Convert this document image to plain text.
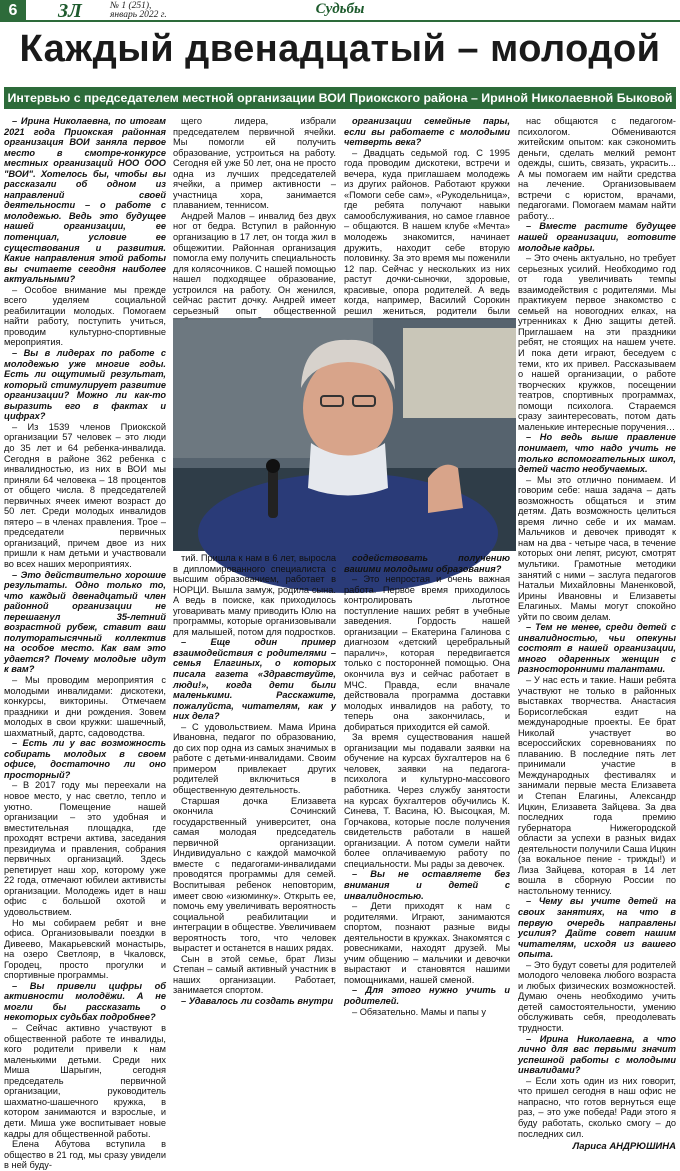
6	ЗЛ	№ 1 (251),
январь 2022 г.	Судьбы
Каждый двенадцатый – молодой
Интервью с председателем местной организации ВОИ Приокского района – Ириной Николаевной Быковой

– Ирина Николаевна, по итогам 2021 года Приокская районная организация ВОИ заняла первое место в смотре-конкурсе местных организаций НОО ООО "ВОИ". Хотелось бы, чтобы вы рассказали об одном из направлений своей деятельности – о работе с молодежью. Ведь это будущее нашей организации, ее потенциал, условие ее существования и развития. Какие направления этой работы вы считаете сегодня наиболее актуальными?

– Особое внимание мы прежде всего уделяем социальной реабилитации молодых. Помогаем найти работу, поступить учиться, проводим культурно-спортивные мероприятия.

– Вы в лидерах по работе с молодежью уже многие годы. Есть ли ощутимый результат, который стимулирует развитие организации? Можно ли как-то выразить его в фактах и цифрах?

– Из 1539 членов Приокской организации 57 человек – это люди до 35 лет и 64 ребенка-инвалида. Сегодня в районе 362 ребенка с инвалидностью, из них в ВОИ мы приняли 64 человека – 18 процентов от общего числа. 8 председателей первичных ячеек имеют возраст до 50 лет. Среди молодых инвалидов пятеро – в членах правления. Трое – председатели первичных организаций, причем двое из них пришли к нам детьми и участвовали во всех наших мероприятиях.

– Это действительно хорошие результаты. Одно только то, что каждый двенадцатый член районной организации не перешагнул 35-летний возрастной рубеж, ставит ваш полуторатысячный коллектив на особое место. Как вам это удается? Почему молодые идут к вам?

– Мы проводим мероприятия с молодыми инвалидами: дискотеки, конкурсы, викторины. Отмечаем праздники и дни рождения. Зовем молодых в свои кружки: шашечный, шахматный, дартс, садоводства.

– Есть ли у вас возможность собирать молодых в своем офисе, достаточно ли оно просторный?

– В 2017 году мы переехали на новое место, у нас светло, тепло и уютно. Помещение нашей организации – это удобная и вместительная площадка, где проходят встречи актива, заседания президиума и правления, собрания первичных организаций. Здесь репетирует наш хор, которому уже 22 года, отмечают юбилеи активисты организации. Молодежь идет в наш офис с большой охотой и удовольствием.

Но мы собираем ребят и вне офиса. Организовывали поездки в Дивеево, Макарьевский монастырь, на озеро Светлояр, в Чкаловск, Городец, просто прогулки и спортивные программы.

– Вы привели цифры об активности молодёжи. А не могли бы рассказать о некоторых судьбах подробнее?

– Сейчас активно участвуют в общественной работе те инвалиды, кого родители привели к нам маленькими детьми. Среди них Миша Шарыгин, сегодня председатель первичной организации, руководитель шахматно-шашечного кружка, в котором занимаются и взрослые, и дети. Миша уже воспитывает новые кадры для общественной работы.

Елена Абутова вступила в общество в 21 год, мы сразу увидели в ней буду-

щего лидера, избрали председателем первичной ячейки. Мы помогли ей получить образование, устроиться на работу. Сегодня ей уже 50 лет, она не просто одна из лучших председателей ячейки, а пример активности – участница хора, занимается плаванием, теннисом.

Андрей Малов – инвалид без двух ног от бедра. Вступил в районную организацию в 17 лет, он тогда жил в общежитии. Районная организация помогла ему получить специальность для колясочников. С нашей помощью нашел подходящее образование, устроился на работу. Он женился, сейчас растит дочку. Андрей имеет серьезный опыт общественной

организации семейные пары, если вы работаете с молодыми четверть века?

– Двадцать седьмой год. С 1995 года проводим дискотеки, встречи и вечера, куда приглашаем молодежь из других районов. Работают кружки «Помоги себе сам», «Рукодельница», где ребята получают навыки самообслуживания, но самое главное – общаются. В нашем клубе «Мечта» молодежь знакомится, начинает дружить, находит себе вторую половинку. За это время мы поженили 12 пар. Сейчас у нескольких из них растут дочки-сыночки, здоровые, красивые, опора родителей. А ведь когда, например, Василий Сорокин решил жениться, родители были

тий. Пришла к нам в 6 лет, выросла в дипломированного специалиста с высшим образованием, работает в НОРЦИ. Вышла замуж, родила сына. А ведь в поиске, как приходилось уговаривать маму приводить Юлю на программы, которые организовывали для малышей, потом для подростков.

– Еще один пример взаимодействия с родителями – семья Елагиных, о которых писала газета «Здравствуйте, люди!», когда дети были маленькими. Расскажите, пожалуйста, читателям, как у них дела?

– С удовольствием. Мама Ирина Ивановна, педагог по образованию, до сих пор одна из самых значимых в работе с детьми-инвалидами. Своим примером привлекает других родителей включиться в общественную деятельность.

Старшая дочка Елизавета окончила Сочинский государственный университет, она самая молодая председатель первичной организации. Индивидуально с каждой мамочкой вместе с педагогами-инвалидами проводятся программы для семей. Воспитывая ребенок неповторим, имеет свою «изюминку». Открыть ее, помочь ему увеличивать вероятность социальной реабилитации и интеграции в обществе. Увеличиваем вероятность того, что человек вырастет и останется в наших рядах.

Сын в этой семье, брат Лизы Степан – самый активный участник в наших организации. Работает, занимается спортом.

– Удавалось ли создать внутри

содействовать получению вашими молодыми образования?

– Это непростая и очень важная работа. Первое время приходилось контролировать льготное поступление наших ребят в учебные заведения. Гордость нашей организации – Екатерина Галинова с диагнозом «детский церебральный паралич», которая передвигается только с посторонней помощью. Она окончила вуз и сейчас работает в МЧС. Правда, если вначале действовала программа доставки молодых инвалидов на работу, то теперь она закончилась, и добираться приходится ей самой.

За время существования нашей организации мы подавали заявки на обучение на курсах бухгалтеров на 6 человек, заявки на педагога-психолога и культурно-массового работника. Через службу занятости на курсах бухгалтеров обучились К. Синева, Т. Васина, Ю. Высоцкая, М. Горчакова, которые после получения свидетельств работали в нашей организации. А потом сумели найти более оплачиваемую работу по специальности. Мы рады за девочек.

– Вы не оставляете без внимания и детей с инвалидностью.

– Дети приходят к нам с родителями. Играют, занимаются спортом, познают разные виды деятельности в кружках. Знакомятся с ровесниками, находят друзей. Мы учим общению – мальчики и девочки вырастают и становятся нашими помощниками, нашей сменой.

– Для этого нужно учить и родителей.

– Обязательно. Мамы и папы у

нас общаются с педагогом-психологом. Обмениваются житейским опытом: как сэкономить деньги, сделать мелкий ремонт одежды, сшить, связать, украсить... А мы помогаем им найти средства на лечение. Организовываем встречи с юристом, врачами, педагогами. Помогаем мамам найти работу...

– Вместе растите будущее нашей организации, готовите молодые кадры.

– Это очень актуально, но требует серьезных усилий. Необходимо год от года увеличивать темпы взаимодействия с родителями. Мы практикуем первое знакомство с семьей на новогодних елках, на утренниках к Дню защиты детей. Приглашаем на эти праздники ребят, не стоящих на нашем учете. И пока дети играют, беседуем с теми, кто их привел. Рассказываем о нашей организации, о работе творческих кружков, посещении театров, спортивных программах, помощи психолога. Стараемся сразу заинтересовать, потом дать маленькие интересные поручения…

– Но ведь выше правление понимает, что надо учить не только вспомогательных школ, детей часто необучаемых.

– Мы это отлично понимаем. И говорим себе: наша задача – дать возможность общаться и этим детям. Дать возможность целиться время лично себе и их мамам. Мальчиков и девочек приводят к нам на два - четыре часа, в течение которых они лепят, рисуют, смотрят мультики. Грамотные методики занятий с ними – заслуга педагогов Натальи Михайловны Маненковой, Ирины Ивановны и Елизаветы Елагиных. Мамы могут спокойно уйти по своим делам.

– Тем не менее, среди детей с инвалидностью, чьи опекуны состоят в нашей организации, много одаренных женщин с разносторонними талантами.

– У нас есть и такие. Наши ребята участвуют не только в районных выставках творчества. Анастасия Борисоглебская ездит на международные проекты. Ее брат Николай участвует во всероссийских соревнованиях по плаванию. В последние пять лет принимали участие в Международных фестивалях и занимали первые места Елизавета и Степан Елагины, Александр Ицкин, Елизавета Зайцева. За два последних года премию губернатора Нижегородской области за успехи в разных видах деятельности получили Саша Ицкин (за вокальное пение - трижды!) и Лиза Зайцева, которая в 14 лет вошла в сборную России по настольному теннису.

– Чему вы учите детей на своих занятиях, на что в первую очередь направлены усилия? Дайте совет нашим читателям, исходя из вашего опыта.

– Это будут советы для родителей молодого человека любого возраста и любых физических возможностей. Думаю очень необходимо учить детей самостоятельности, умению обслуживать себя, преодолевать трудности.

– Ирина Николаевна, а что лично для вас первыми значит успешной работы с молодыми инвалидами?

– Если хоть один из них говорит, что пришел сегодня в наш офис не напрасно, что готов вернуться еще раз, – это уже победа! Ради этого я буду работать, сколько смогу – до последних сил.

Лариса АНДРЮШИНА
